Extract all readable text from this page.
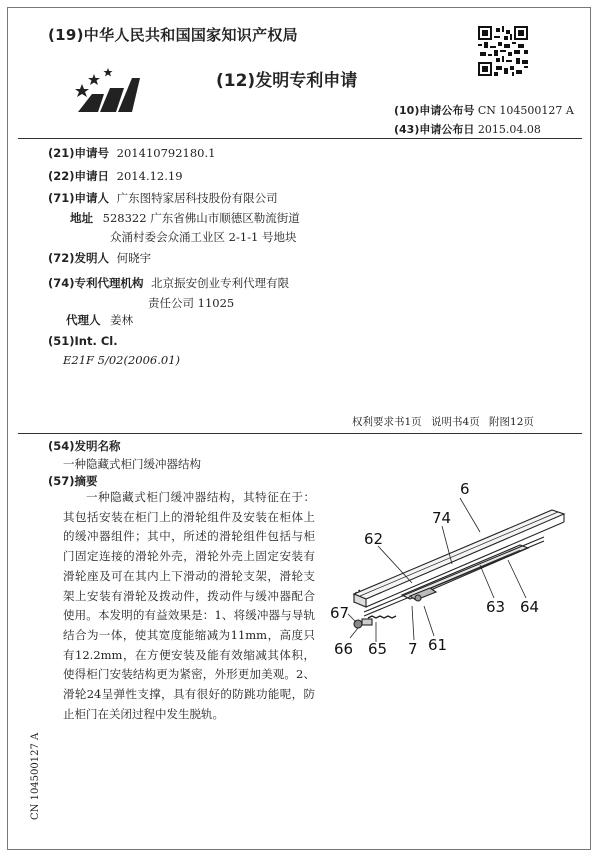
(19)中华人民共和国国家知识产权局
(12)发明专利申请
(10)申请公布号 CN 104500127 A
(43)申请公布日 2015.04.08
(21)申请号 201410792180.1
(22)申请日 2014.12.19
(71)申请人 广东图特家居科技股份有限公司
地址 528322 广东省佛山市顺德区勒流街道
众涌村委会众涌工业区 2-1-1 号地块
(72)发明人 何晓宇
(74)专利代理机构 北京振安创业专利代理有限
责任公司 11025
代理人 姜林
(51)Int. Cl.
E21F 5/02(2006.01)
权利要求书1页 说明书4页 附图12页
(54)发明名称
一种隐藏式柜门缓冲器结构
(57)摘要
一种隐藏式柜门缓冲器结构，其特征在于：其包括安装在柜门上的滑轮组件及安装在柜体上的缓冲器组件；其中，所述的滑轮组件包括与柜门固定连接的滑轮外壳，滑轮外壳上固定安装有滑轮座及可在其内上下滑动的滑轮支架，滑轮支架上安装有滑轮及拨动件，拨动件与缓冲器配合使用。本发明的有益效果是：1、将缓冲器与导轨结合为一体，使其宽度能缩减为11mm，高度只有12.2mm，在方便安装及能有效缩减其体积，使得柜门安装结构更为紧密，外形更加美观。2、滑轮24呈弹性支撑，具有很好的防跳功能呢，防止柜门在关闭过程中发生脱轨。
6
62
74
63 64
61
7
65
66
67
CN 104500127 A
